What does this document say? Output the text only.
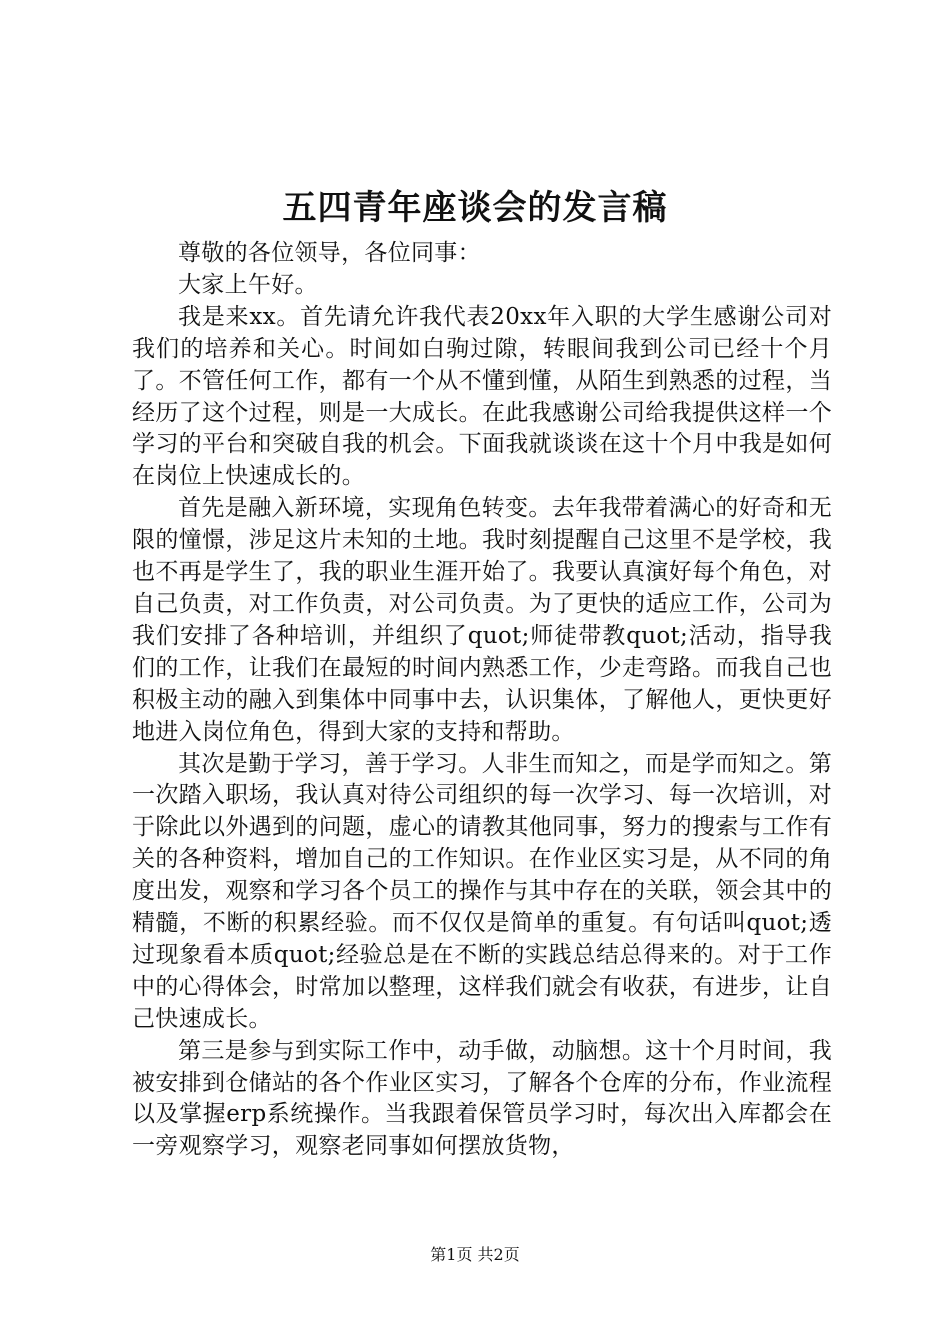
五四青年座谈会的发言稿

尊敬的各位领导，各位同事：

大家上午好。

我是来xx。首先请允许我代表20xx年入职的大学生感谢公司对我们的培养和关心。时间如白驹过隙，转眼间我到公司已经十个月了。不管任何工作，都有一个从不懂到懂，从陌生到熟悉的过程，当经历了这个过程，则是一大成长。在此我感谢公司给我提供这样一个学习的平台和突破自我的机会。下面我就谈谈在这十个月中我是如何在岗位上快速成长的。

首先是融入新环境，实现角色转变。去年我带着满心的好奇和无限的憧憬，涉足这片未知的土地。我时刻提醒自己这里不是学校，我也不再是学生了，我的职业生涯开始了。我要认真演好每个角色，对自己负责，对工作负责，对公司负责。为了更快的适应工作，公司为我们安排了各种培训，并组织了quot;师徒带教quot;活动，指导我们的工作，让我们在最短的时间内熟悉工作，少走弯路。而我自己也积极主动的融入到集体中同事中去，认识集体，了解他人，更快更好地进入岗位角色，得到大家的支持和帮助。

其次是勤于学习，善于学习。人非生而知之，而是学而知之。第一次踏入职场，我认真对待公司组织的每一次学习、每一次培训，对于除此以外遇到的问题，虚心的请教其他同事，努力的搜索与工作有关的各种资料，增加自己的工作知识。在作业区实习是，从不同的角度出发，观察和学习各个员工的操作与其中存在的关联，领会其中的精髓，不断的积累经验。而不仅仅是简单的重复。有句话叫quot;透过现象看本质quot;经验总是在不断的实践总结总得来的。对于工作中的心得体会，时常加以整理，这样我们就会有收获，有进步，让自己快速成长。

第三是参与到实际工作中，动手做，动脑想。这十个月时间，我被安排到仓储站的各个作业区实习，了解各个仓库的分布，作业流程以及掌握erp系统操作。当我跟着保管员学习时，每次出入库都会在一旁观察学习，观察老同事如何摆放货物，

第1页 共2页
